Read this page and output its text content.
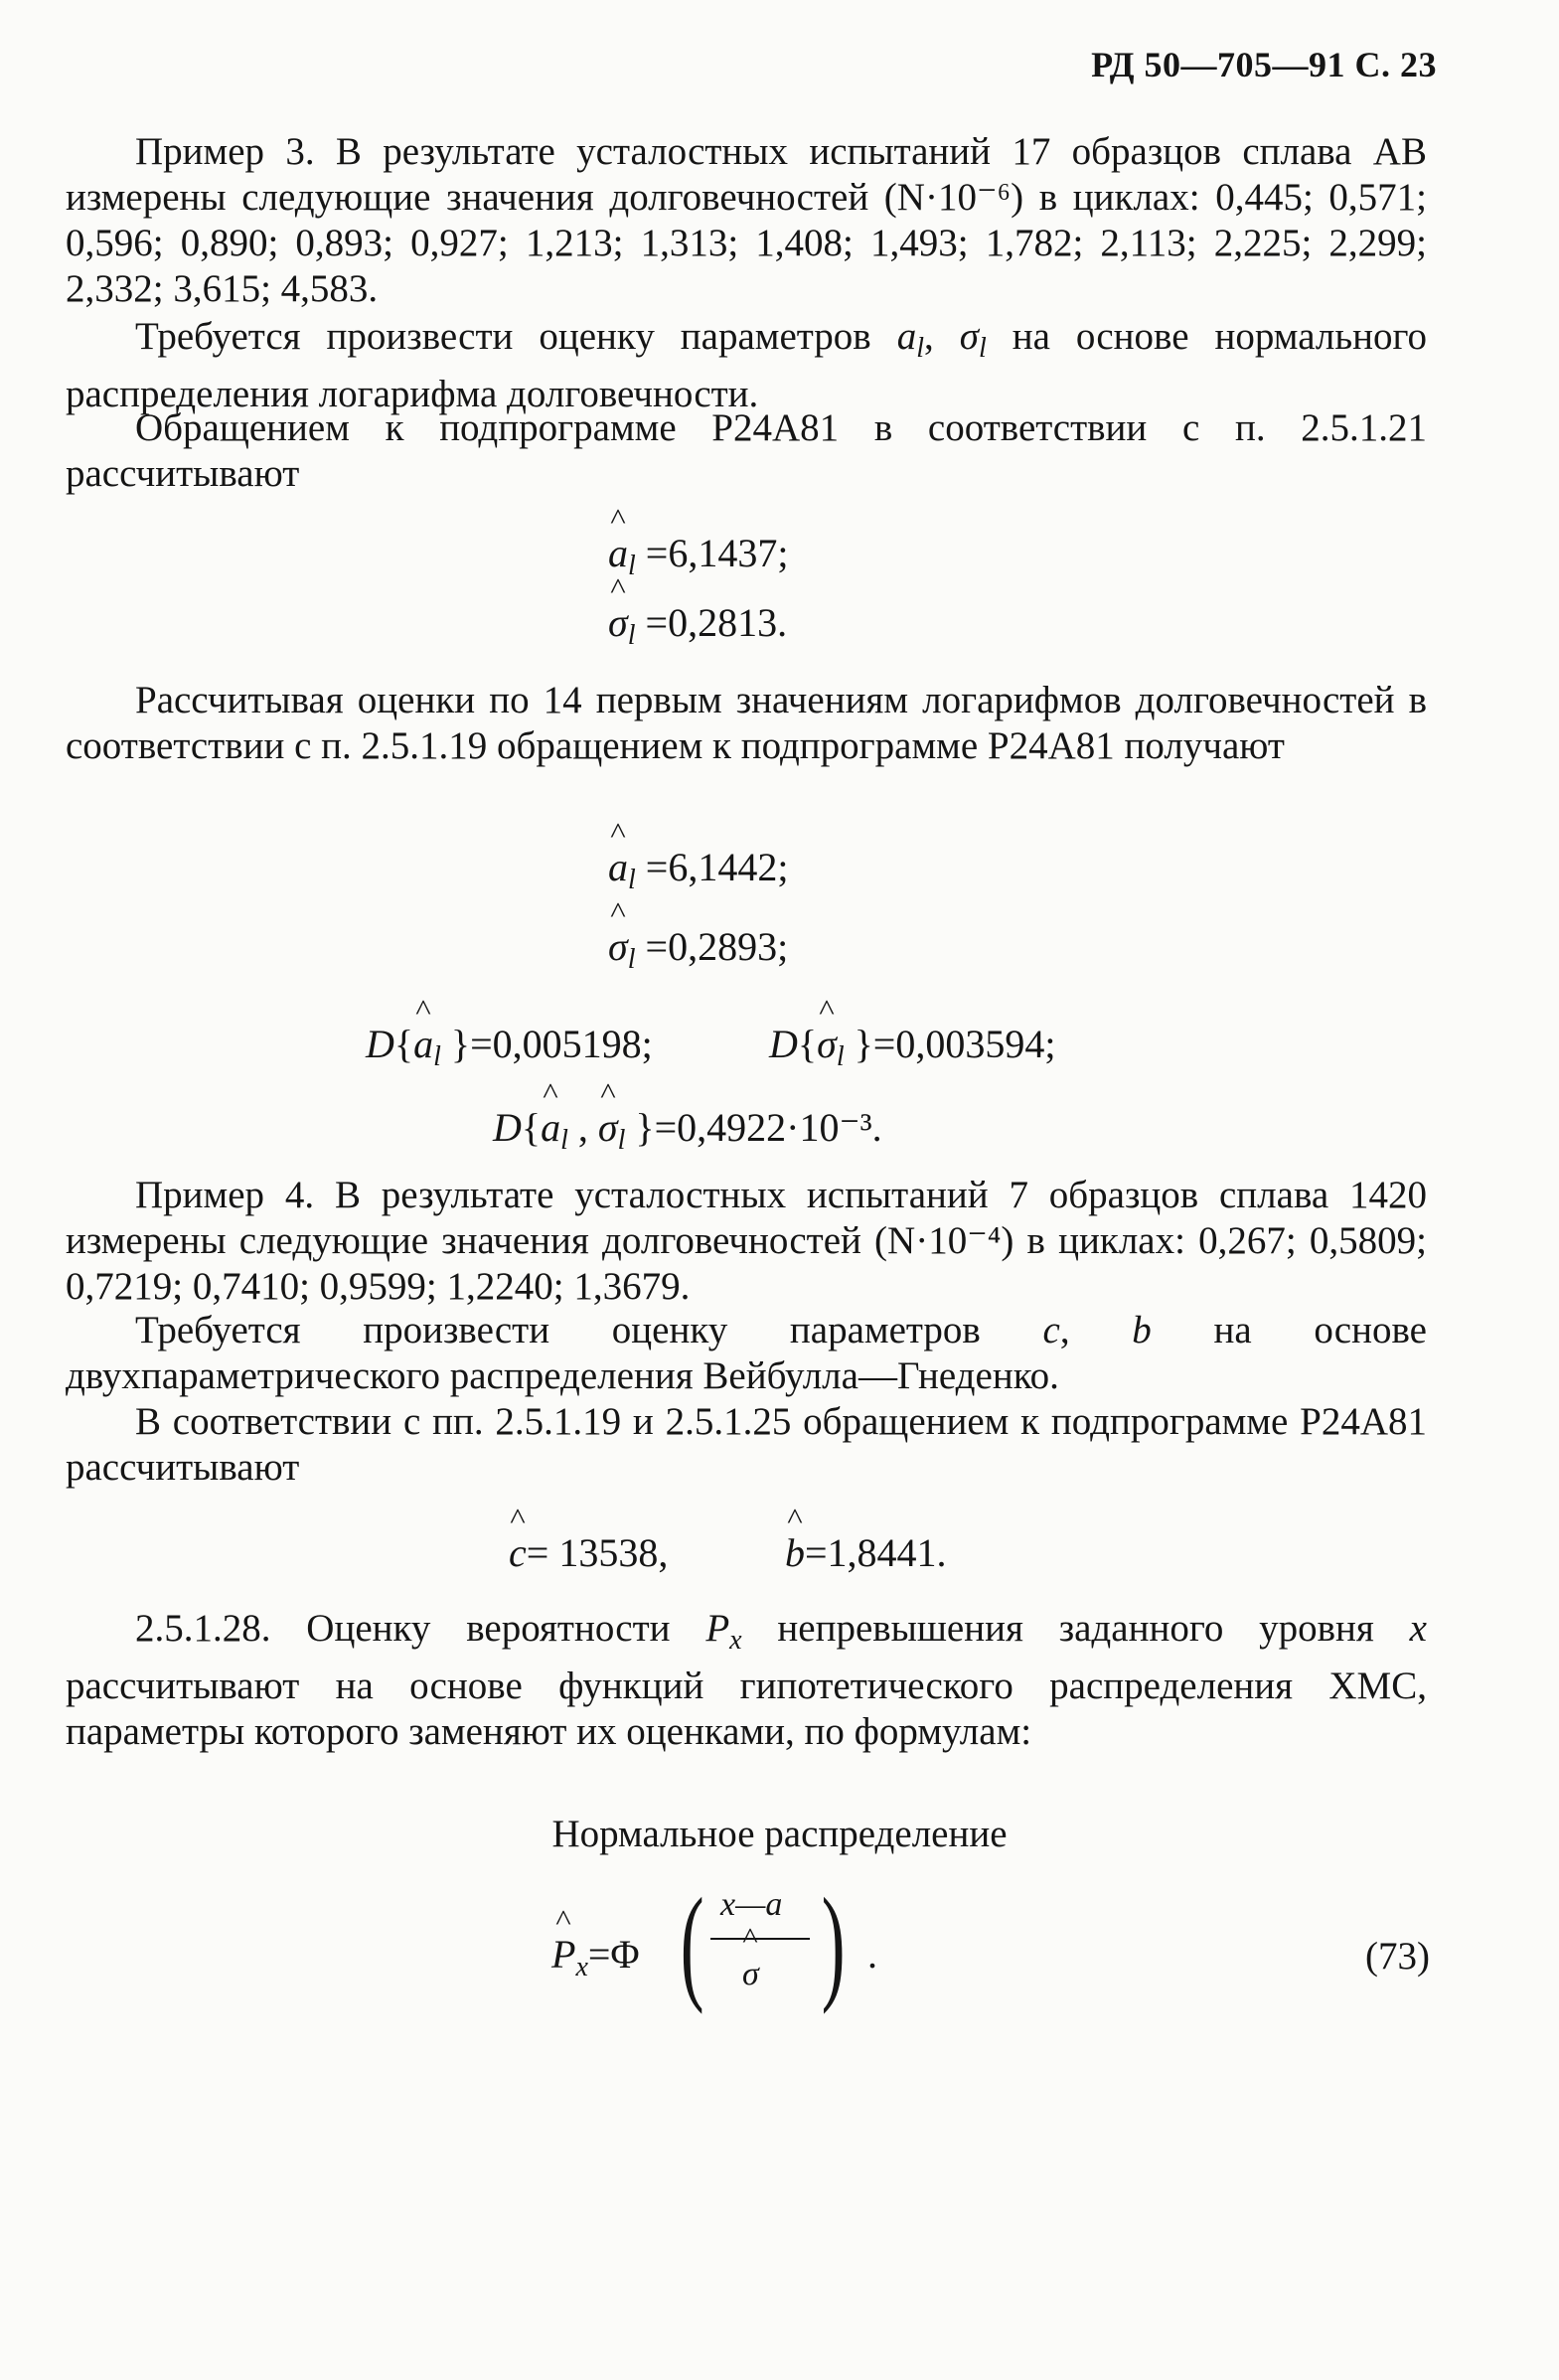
РД 50—705—91 С. 23
Пример 3. В результате усталостных испытаний 17 образцов сплава АВ измерены следующие значения долговечностей (N·10⁻⁶) в циклах: 0,445; 0,571; 0,596; 0,890; 0,893; 0,927; 1,213; 1,313; 1,408; 1,493; 1,782; 2,113; 2,225; 2,299; 2,332; 3,615; 4,583.
Требуется произвести оценку параметров $a_l$, $\sigma_l$ на основе нормального распределения логарифма долговечности.
Обращением к подпрограмме Р24А81 в соответствии с п. 2.5.1.21 рассчитывают
^ $a_l =6,1437$;
^ $\sigma_l =0,2813$.
Рассчитывая оценки по 14 первым значениям логарифмов долговечностей в соответствии с п. 2.5.1.19 обращением к подпрограмме Р24А81 получают
^ $a_l =6,1442$;
^ $\sigma_l =0,2893$;
D{^ $a_l$ }=0,005198;	D{^ $\sigma_l$ }=0,003594;
D{^ $a_l$ , ^ $\sigma_l$ }=0,4922·10⁻³.
Пример 4. В результате усталостных испытаний 7 образцов сплава 1420 измерены следующие значения долговечностей (N·10⁻⁴) в циклах: 0,267; 0,5809; 0,7219; 0,7410; 0,9599; 1,2240; 1,3679.
Требуется произвести оценку параметров c, b на основе двухпараметрического распределения Вейбулла—Гнеденко.
В соответствии с пп. 2.5.1.19 и 2.5.1.25 обращением к подпрограмме Р24А81 рассчитывают
^ c= 13538,
^	b=1,8441.
2.5.1.28. Оценку вероятности $P_x$ непревышения заданного уровня x рассчитывают на основе функций гипотетического распределения ХМС, параметры которого заменяют их оценками, по формулам:
Нормальное распределение
^ $P_x=\Phi$ ( x—a
^ σ ) .	(73)
